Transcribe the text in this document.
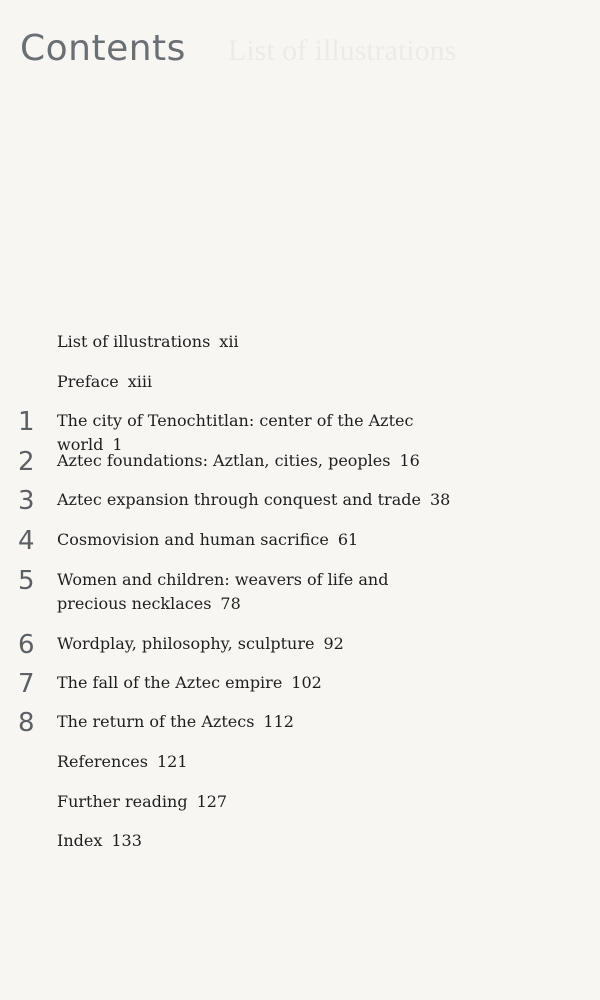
List of illustrations
Contents
List of illustrations xii
Preface xiii
1 The city of Tenochtitlan: center of the Aztec world 1
2 Aztec foundations: Aztlan, cities, peoples 16
3 Aztec expansion through conquest and trade 38
4 Cosmovision and human sacrifice 61
5 Women and children: weavers of life and precious necklaces 78
6 Wordplay, philosophy, sculpture 92
7 The fall of the Aztec empire 102
8 The return of the Aztecs 112
References 121
Further reading 127
Index 133
